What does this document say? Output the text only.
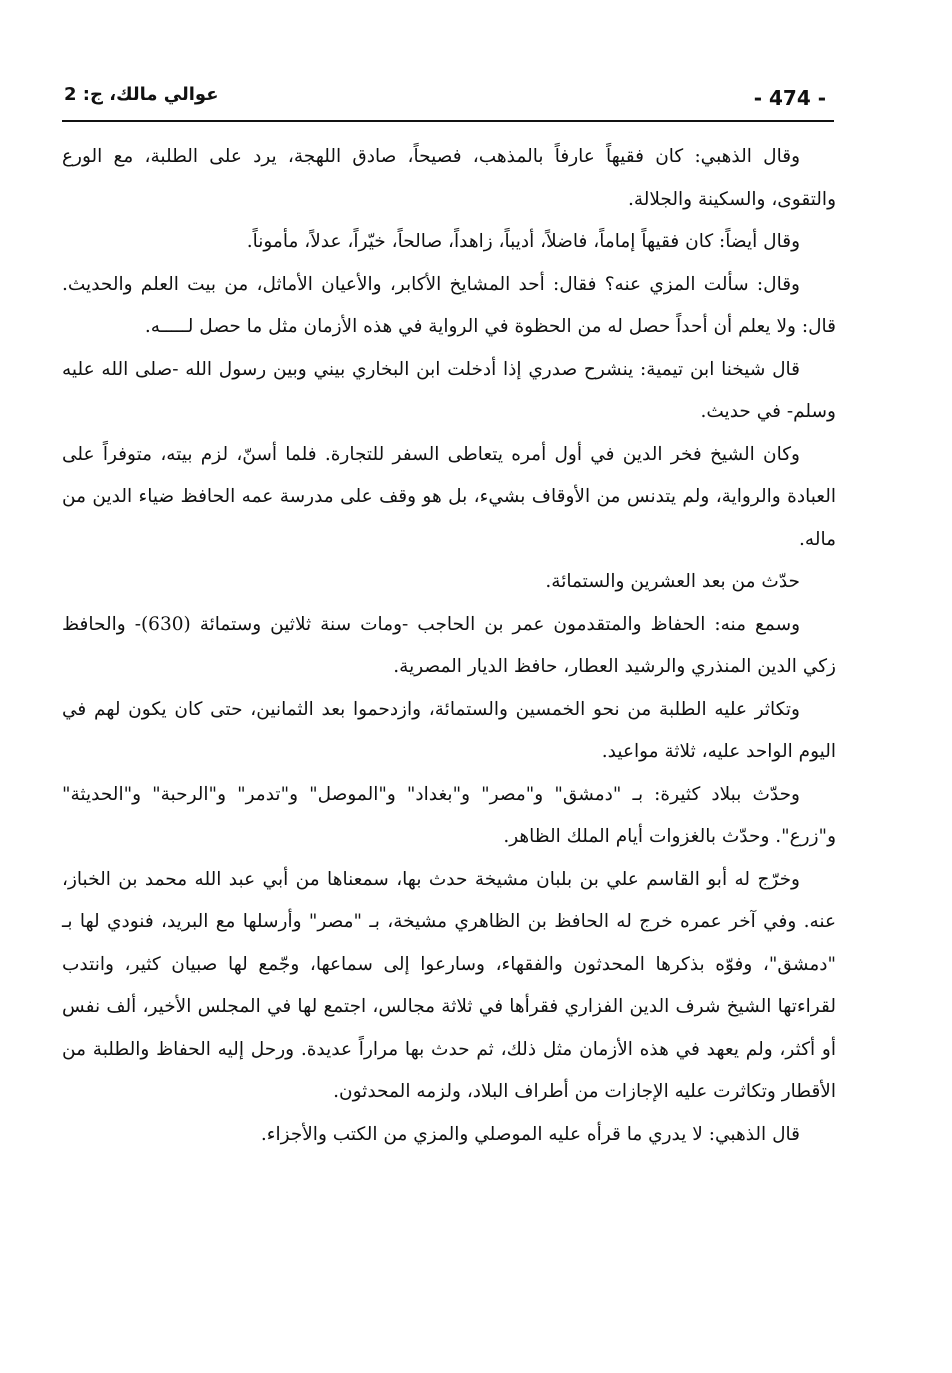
عوالي مالك، ج: 2	- 474 -

وقال الذهبي: كان فقيهاً عارفاً بالمذهب، فصيحاً، صادق اللهجة، يرد على الطلبة، مع الورع والتقوى، والسكينة والجلالة.

وقال أيضاً: كان فقيهاً إماماً، فاضلاً، أديباً، زاهداً، صالحاً، خيّراً، عدلاً، مأموناً.

وقال: سألت المزي عنه؟ فقال: أحد المشايخ الأكابر، والأعيان الأماثل، من بيت العلم والحديث. قال: ولا يعلم أن أحداً حصل له من الحظوة في الرواية في هذه الأزمان مثل ما حصل لـــــه.

قال شيخنا ابن تيمية: ينشرح صدري إذا أدخلت ابن البخاري بيني وبين رسول الله -صلى الله عليه وسلم- في حديث.

وكان الشيخ فخر الدين في أول أمره يتعاطى السفر للتجارة. فلما أسنّ، لزم بيته، متوفراً على العبادة والرواية، ولم يتدنس من الأوقاف بشيء، بل هو وقف على مدرسة عمه الحافظ ضياء الدين من ماله.

حدّث من بعد العشرين والستمائة.

وسمع منه: الحفاظ والمتقدمون عمر بن الحاجب -ومات سنة ثلاثين وستمائة (630)- والحافظ زكي الدين المنذري والرشيد العطار، حافظ الديار المصرية.

وتكاثر عليه الطلبة من نحو الخمسين والستمائة، وازدحموا بعد الثمانين، حتى كان يكون لهم في اليوم الواحد عليه، ثلاثة مواعيد.

وحدّث ببلاد كثيرة: بـ "دمشق" و"مصر" و"بغداد" و"الموصل" و"تدمر" و"الرحبة" و"الحديثة" و"زرع". وحدّث بالغزوات أيام الملك الظاهر.

وخرّج له أبو القاسم علي بن بلبان مشيخة حدث بها، سمعناها من أبي عبد الله محمد بن الخباز، عنه. وفي آخر عمره خرج له الحافظ بن الظاهري مشيخة، بـ "مصر" وأرسلها مع البريد، فنودي لها بـ "دمشق"، وفوّه بذكرها المحدثون والفقهاء، وسارعوا إلى سماعها، وجّمع لها صبيان كثير، وانتدب لقراءتها الشيخ شرف الدين الفزاري فقرأها في ثلاثة مجالس، اجتمع لها في المجلس الأخير، ألف نفس أو أكثر، ولم يعهد في هذه الأزمان مثل ذلك، ثم حدث بها مراراً عديدة. ورحل إليه الحفاظ والطلبة من الأقطار وتكاثرت عليه الإجازات من أطراف البلاد، ولزمه المحدثون.

قال الذهبي: لا يدري ما قرأه عليه الموصلي والمزي من الكتب والأجزاء.
